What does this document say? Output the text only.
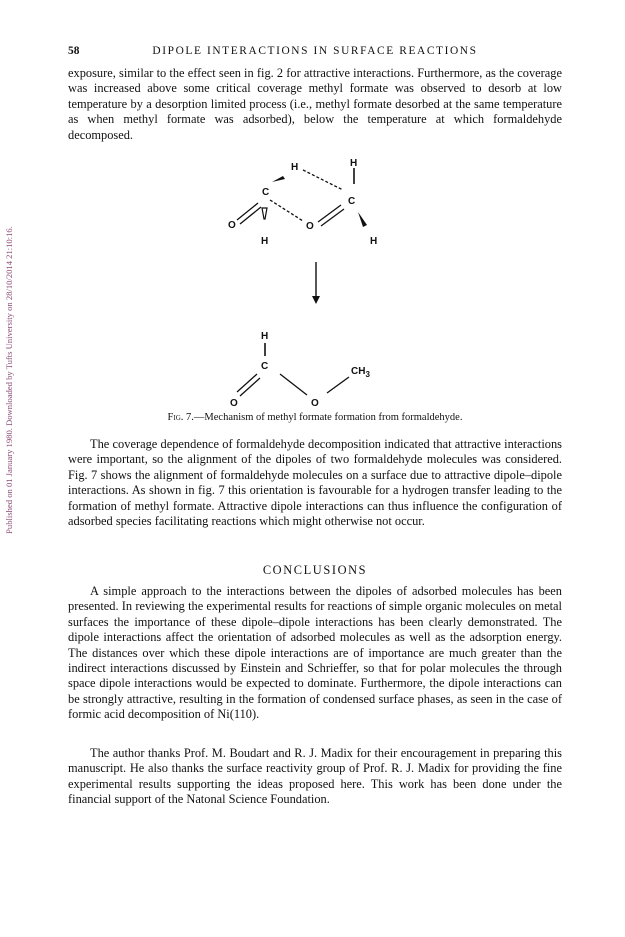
Published on 01 January 1980. Downloaded by Tufts University on 28/10/2014 21:10:16.
58	DIPOLE INTERACTIONS IN SURFACE REACTIONS

exposure, similar to the effect seen in fig. 2 for attractive interactions. Furthermore, as the coverage was increased above some critical coverage methyl formate was observed to desorb at low temperature by a desorption limited process (i.e., methyl formate desorbed at the same temperature as when methyl formate was adsorbed), below the temperature at which formaldehyde decomposed.

H	H
C
C
O	O
H	H
H
C
O	O
$CH_3$
Fig. 7.—Mechanism of methyl formate formation from formaldehyde.

The coverage dependence of formaldehyde decomposition indicated that attractive interactions were important, so the alignment of the dipoles of two formaldehyde molecules was considered. Fig. 7 shows the alignment of formaldehyde molecules on a surface due to attractive dipole–dipole interactions. As shown in fig. 7 this orientation is favourable for a hydrogen transfer leading to the formation of methyl formate. Attractive dipole interactions can thus influence the configuration of adsorbed species facilitating reactions which might otherwise not occur.

CONCLUSIONS

A simple approach to the interactions between the dipoles of adsorbed molecules has been presented. In reviewing the experimental results for reactions of simple organic molecules on metal surfaces the importance of these dipole–dipole interactions has been clearly demonstrated. The dipole interactions affect the orientation of adsorbed molecules as well as the adsorption energy. The distances over which these dipole interactions are of importance are much greater than the indirect interactions discussed by Einstein and Schrieffer, so that for polar molecules the through space dipole interactions would be expected to dominate. Furthermore, the dipole interactions can be strongly attractive, resulting in the formation of condensed surface phases, as seen in the case of formic acid decomposition of Ni(110).

The author thanks Prof. M. Boudart and R. J. Madix for their encouragement in preparing this manuscript. He also thanks the surface reactivity group of Prof. R. J. Madix for providing the fine experimental results supporting the ideas proposed here. This work has been done under the financial support of the Natonal Science Foundation.
